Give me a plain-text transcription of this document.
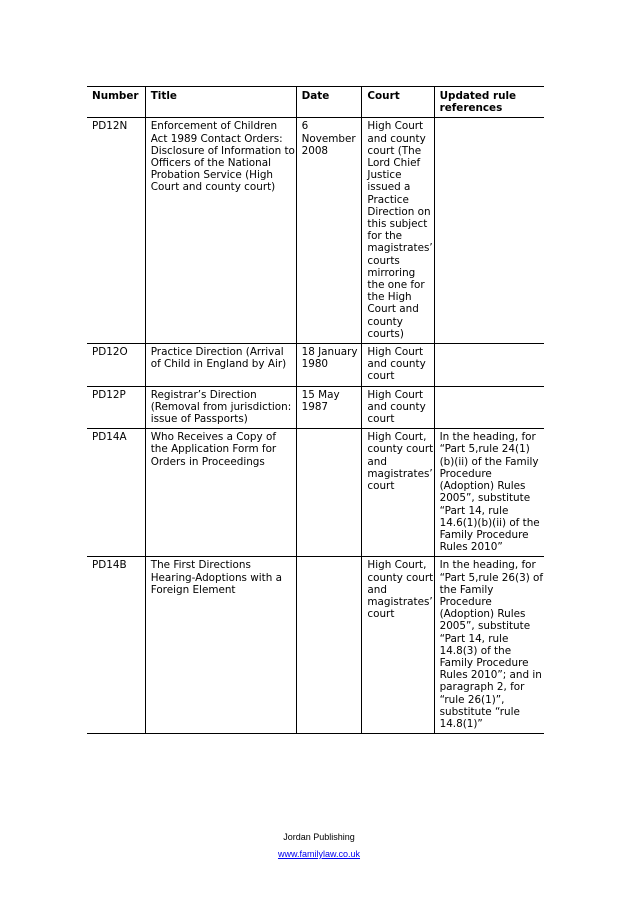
Number	Title	Date	Court	Updated rule references
PD12N	Enforcement of Children Act 1989 Contact Orders: Disclosure of Information to Officers of the National Probation Service (High Court and county court)	6 November 2008	High Court and county court (The Lord Chief Justice issued a Practice Direction on this subject for the magistrates’ courts mirroring the one for the High Court and county courts)	
PD12O	Practice Direction (Arrival of Child in England by Air)	18 January 1980	High Court and county court	
PD12P	Registrar’s Direction (Removal from jurisdiction: issue of Passports)	15 May 1987	High Court and county court	
PD14A	Who Receives a Copy of the Application Form for Orders in Proceedings		High Court, county court and magistrates’ court	In the heading, for “Part 5,rule 24(1)(b)(ii) of the Family Procedure (Adoption) Rules 2005”, substitute “Part 14, rule 14.6(1)(b)(ii) of the Family Procedure Rules 2010”
PD14B	The First Directions Hearing-Adoptions with a Foreign Element		High Court, county court and magistrates’ court	In the heading, for “Part 5,rule 26(3) of the Family Procedure (Adoption) Rules 2005”, substitute “Part 14, rule 14.8(3) of the Family Procedure Rules 2010”; and in paragraph 2, for “rule 26(1)”, substitute “rule 14.8(1)”
Jordan Publishing
www.familylaw.co.uk
